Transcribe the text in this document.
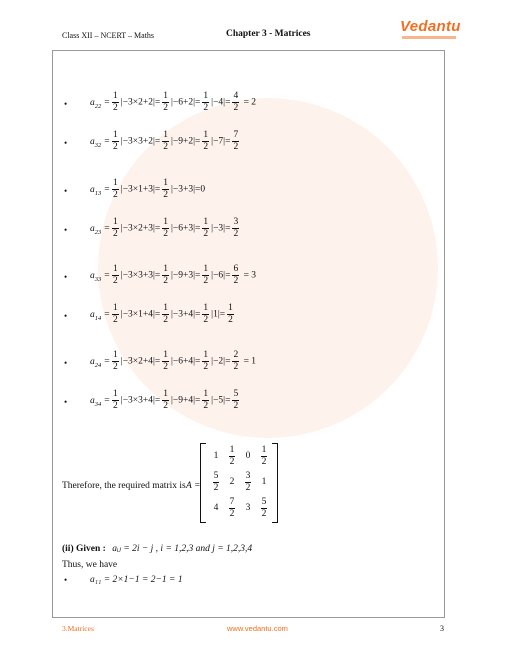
Class XII – NCERT – Maths	Chapter 3 - Matrices	Vedantu
• $a_{22} = \frac{1}{2} |-3\times 2+2|= \frac{1}{2} |-6+2|= \frac{1}{2} |-4|= \frac{4}{2} = 2$
• $a_{32} = \frac{1}{2} |-3\times 3+2|= \frac{1}{2} |-9+2|= \frac{1}{2} |-7|= \frac{7}{2}$
• $a_{13} = \frac{1}{2} |-3\times 1+3|= \frac{1}{2} |-3+3|=0$
• $a_{23} = \frac{1}{2} |-3\times 2+3|= \frac{1}{2} |-6+3|= \frac{1}{2} |-3|= \frac{3}{2}$
• $a_{33} = \frac{1}{2} |-3\times 3+3|= \frac{1}{2} |-9+3|= \frac{1}{2} |-6|= \frac{6}{2} = 3$
• $a_{14} = \frac{1}{2} |-3\times 1+4|= \frac{1}{2} |-3+4|= \frac{1}{2} |1|= \frac{1}{2}$
• $a_{24} = \frac{1}{2} |-3\times 2+4|= \frac{1}{2} |-6+4|= \frac{1}{2} |-2|= \frac{2}{2} = 1$
• $a_{34} = \frac{1}{2} |-3\times 3+4|= \frac{1}{2} |-9+4|= \frac{1}{2} |-5|= \frac{5}{2}$
Therefore, the required matrix is A =
1	$\frac{1}{2}$	0	$\frac{1}{2}$
$\frac{5}{2}$	2	$\frac{3}{2}$	1
4	$\frac{7}{2}$	3	$\frac{5}{2}$
(ii) Given : aᵢⱼ = 2i − j , i = 1,2,3 and j = 1,2,3,4
Thus, we have
• a₁₁ = 2×1−1 = 2−1 = 1
3.Matrices	www.vedantu.com	3
